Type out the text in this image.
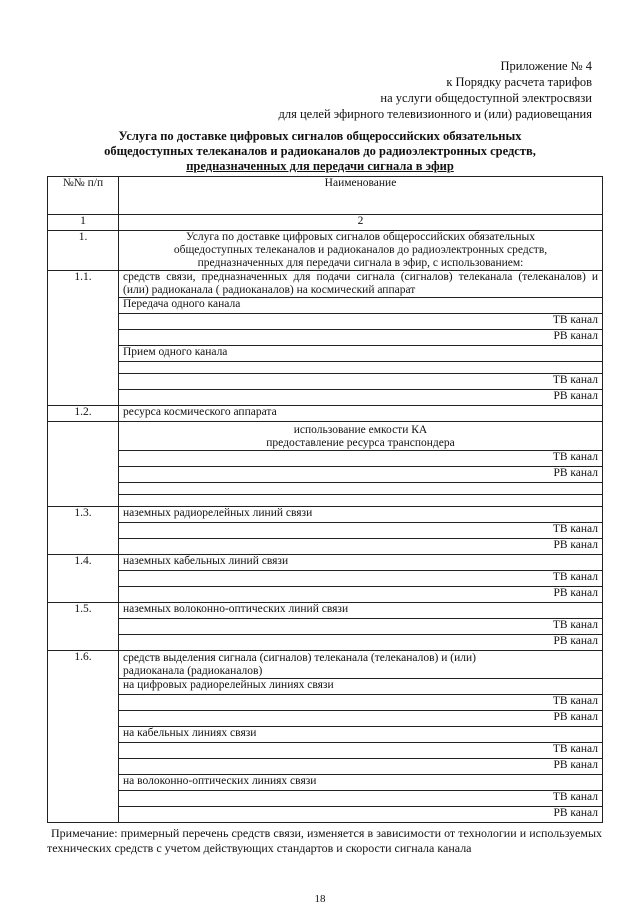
Приложение № 4
к Порядку расчета тарифов
на услуги общедоступной электросвязи
для целей эфирного телевизионного и (или) радиовещания
Услуга по доставке цифровых сигналов общероссийских обязательных
общедоступных телеканалов и радиоканалов до радиоэлектронных средств,
предназначенных для передачи сигнала в эфир
№№ п/п	Наименование
1	2
1.	Услуга по доставке цифровых сигналов общероссийских обязательных
общедоступных телеканалов и радиоканалов до радиоэлектронных средств,
предназначенных для передачи сигнала в эфир, с использованием:

1.1.	средств связи, предназначенных для подачи сигнала (сигналов) телеканала (телеканалов) и (или) радиоканала ( радиоканалов) на космический аппарат
	Передача одного канала
	ТВ канал
	РВ канал
	Прием одного канала

	ТВ канал
	РВ канал
1.2.	ресурса космического аппарата

	использование емкости КА
предоставление ресурса транспондера

	ТВ канал
	РВ канал

1.3.	наземных радиорелейных линий связи
	ТВ канал
	РВ канал
1.4.	наземных кабельных линий связи
	ТВ канал
	РВ канал
1.5.	наземных волоконно-оптических линий связи
	ТВ канал
	РВ канал
1.6.	средств выделения сигнала (сигналов) телеканала (телеканалов) и (или)
радиоканала (радиоканалов)

	на цифровых радиорелейных линиях связи
	ТВ канал
	РВ канал
	на кабельных линиях связи
	ТВ канал
	РВ канал
	на волоконно-оптических линиях связи
	ТВ канал
	РВ канал
Примечание: примерный перечень средств связи, изменяется в зависимости от технологии и используемых технических средств с учетом действующих стандартов и скорости сигнала канала
18
